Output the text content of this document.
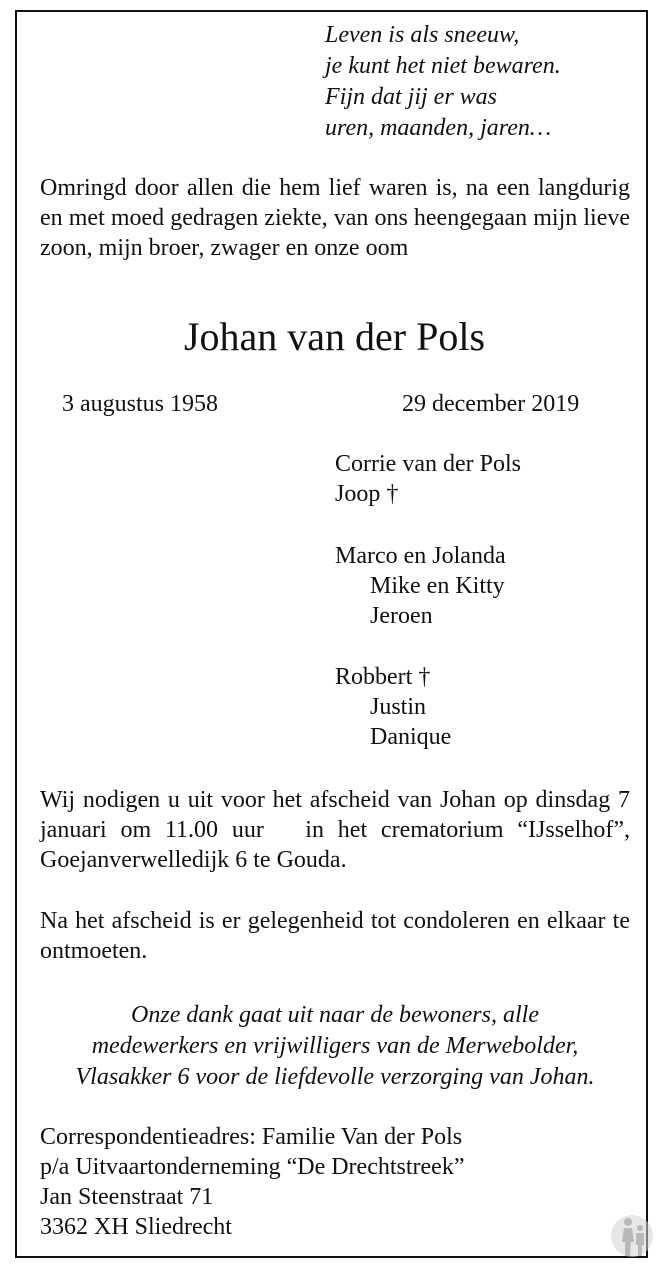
Leven is als sneeuw,
je kunt het niet bewaren.
Fijn dat jij er was
uren, maanden, jaren…
Omringd door allen die hem lief waren is, na een langdurig en met moed gedragen ziekte, van ons heengegaan mijn lieve zoon, mijn broer, zwager en onze oom
Johan van der Pols
3 augustus 1958	29 december 2019
Corrie van der Pols
Joop †
Marco en Jolanda
Mike en Kitty
Jeroen
Robbert †
Justin
Danique
Wij nodigen u uit voor het afscheid van Johan op dinsdag 7 januari om 11.00 uur   in het crematorium “IJsselhof”, Goejanverwelledijk 6 te Gouda.
Na het afscheid is er gelegenheid tot condoleren en elkaar te ontmoeten.
Onze dank gaat uit naar de bewoners, alle
medewerkers en vrijwilligers van de Merwebolder,
Vlasakker 6 voor de liefdevolle verzorging van Johan.
Correspondentieadres: Familie Van der Pols
p/a Uitvaartonderneming “De Drechtstreek”
Jan Steenstraat 71
3362 XH Sliedrecht
